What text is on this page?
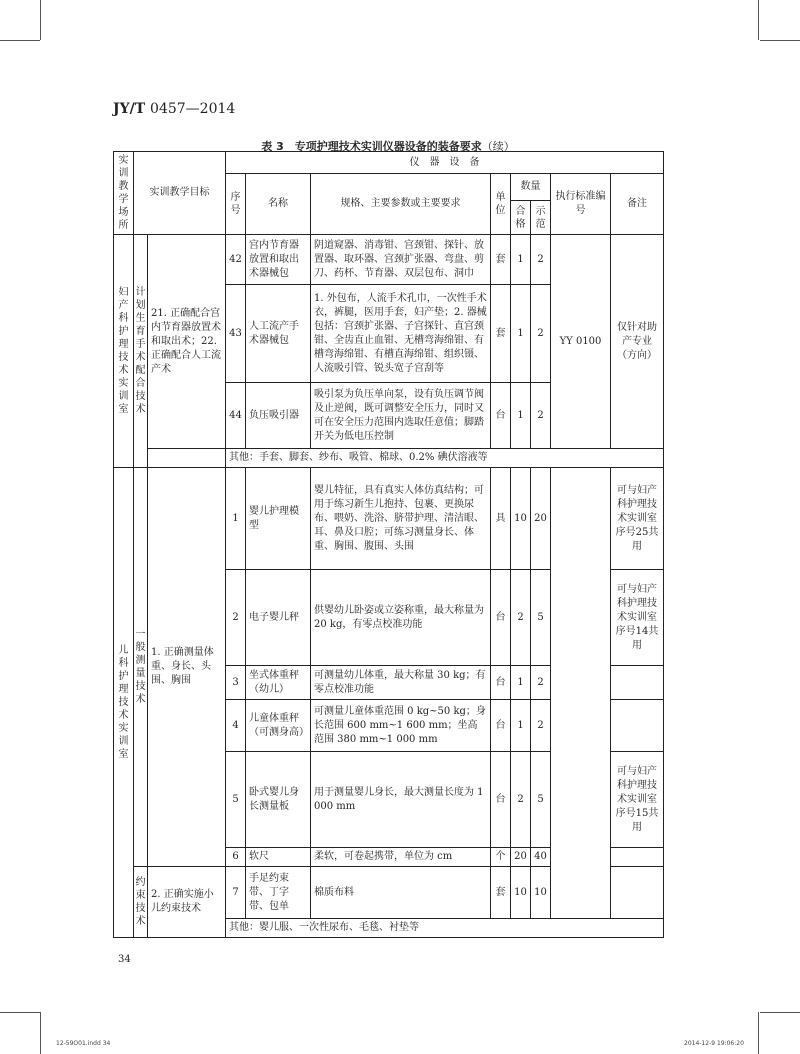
JY/T 0457—2014
表 3　专项护理技术实训仪器设备的装备要求（续）
实训教学场所	实训教学目标		仪　器　设　备							
			序号	名称	规格、主要参数或主要要求	单位	数量		执行标准编号	备注
							合格	示范		
妇产科护理技术实训室	计划生育手术配合技术	21. 正确配合宫内节育器放置术和取出术；22. 正确配合人工流产术	42	宫内节育器放置和取出术器械包	阴道窥器、消毒钳、宫颈钳、探针、放置器、取环器、宫颈扩张器、弯盘、剪刀、药杯、节育器、双层包布、洞巾	套	1	2	YY 0100	仅针对助产专业（方向）
			43	人工流产手术器械包	1. 外包布，人流手术孔巾，一次性手术衣，裤腿，医用手套，妇产垫；2. 器械包括：宫颈扩张器、子宫探针、直宫颈钳、全齿直止血钳、无槽弯海绵钳、有槽弯海绵钳、有槽直海绵钳、组织镊、人流吸引管、锐头宽子宫刮等	套	1	2		
			44	负压吸引器	吸引泵为负压单向泵，设有负压调节阀及止逆阀，既可调整安全压力，同时又可在安全压力范围内选取任意值；脚踏开关为低电压控制	台	1	2		
			其他：手套、脚套、纱布、吸管、棉球、0.2% 碘伏溶液等							
儿科护理技术实训室	一般测量技术	1. 正确测量体重、身长、头围、胸围	1	婴儿护理模型	婴儿特征，具有真实人体仿真结构；可用于练习新生儿抱持、包裹、更换尿布、喂奶、洗浴、脐带护理、清洁眼、耳、鼻及口腔；可练习测量身长、体重、胸围、腹围、头围	具	10	20		可与妇产科护理技术实训室序号25共用
			2	电子婴儿秤	供婴幼儿卧姿或立姿称重，最大称量为 20 kg，有零点校准功能	台	2	5		可与妇产科护理技术实训室序号14共用
			3	坐式体重秤（幼儿）	可测量幼儿体重，最大称量 30 kg；有零点校准功能	台	1	2		
			4	儿童体重秤（可测身高）	可测量儿童体重范围 0 kg~50 kg；身长范围 600 mm~1 600 mm；坐高范围 380 mm~1 000 mm	台	1	2		
			5	卧式婴儿身长测量板	用于测量婴儿身长，最大测量长度为 1 000 mm	台	2	5		可与妇产科护理技术实训室序号15共用
			6	软尺	柔软，可卷起携带，单位为 cm	个	20	40		
	约束技术	2. 正确实施小儿约束技术	7	手足约束带、丁字带、包单	棉质布料	套	10	10		
			其他：婴儿服、一次性尿布、毛毯、衬垫等							
34
12-59Ο01.indd 34	2014-12-9 19:06:20
